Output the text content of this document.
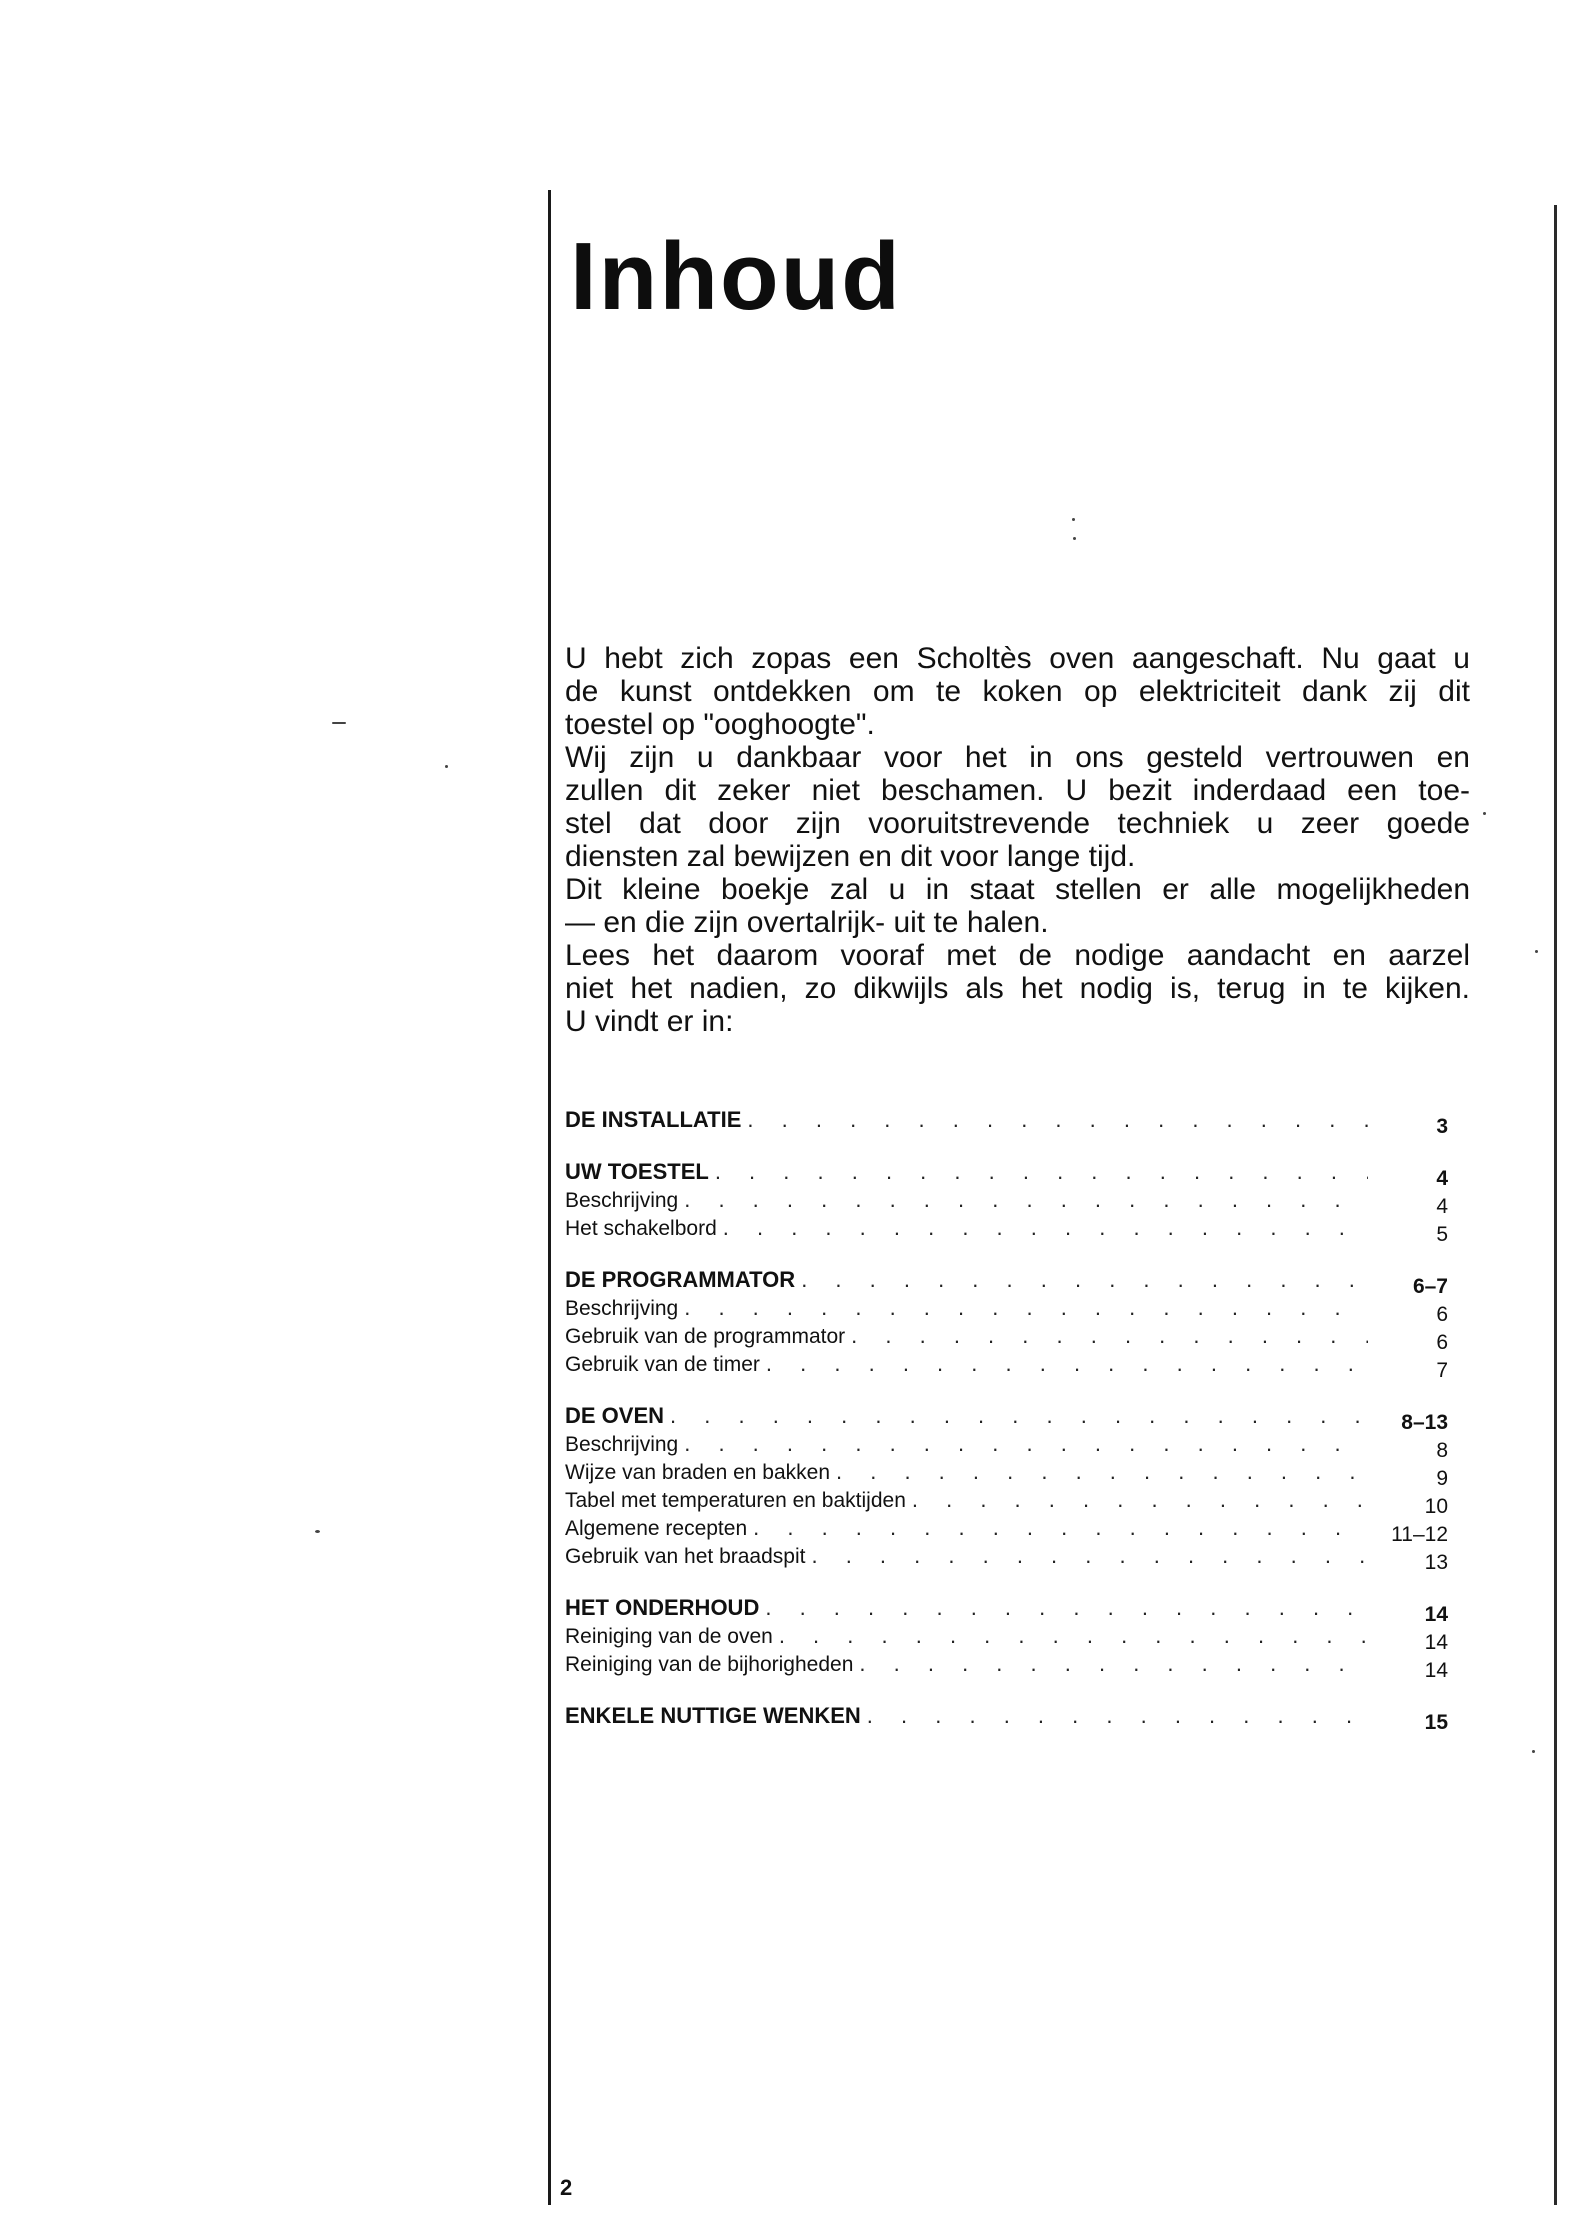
Inhoud
U hebt zich zopas een Scholtès oven aangeschaft. Nu gaat u
de kunst ontdekken om te koken op elektriciteit dank zij dit
toestel op "ooghoogte".
Wij zijn u dankbaar voor het in ons gesteld vertrouwen en
zullen dit zeker niet beschamen. U bezit inderdaad een toe-
stel dat door zijn vooruitstrevende techniek u zeer goede
diensten zal bewijzen en dit voor lange tijd.
Dit kleine boekje zal u in staat stellen er alle mogelijkheden
— en die zijn overtalrijk- uit te halen.
Lees het daarom vooraf met de nodige aandacht en aarzel
niet het nadien, zo dikwijls als het nodig is, terug in te kijken.
U vindt er in:
DE INSTALLATIE . . .	3
UW TOESTEL . . .	4
Beschrijving . . .	4
Het schakelbord . . .	5
DE PROGRAMMATOR . . .	6–7
Beschrijving . . .	6
Gebruik van de programmator . . .	6
Gebruik van de timer . . .	7
DE OVEN . . .	8–13
Beschrijving . . .	8
Wijze van braden en bakken . . .	9
Tabel met temperaturen en baktijden . . .	10
Algemene recepten . . .	11–12
Gebruik van het braadspit . . .	13
HET ONDERHOUD . . .	14
Reiniging van de oven . . .	14
Reiniging van de bijhorigheden . . .	14
ENKELE NUTTIGE WENKEN . . .	15
2
